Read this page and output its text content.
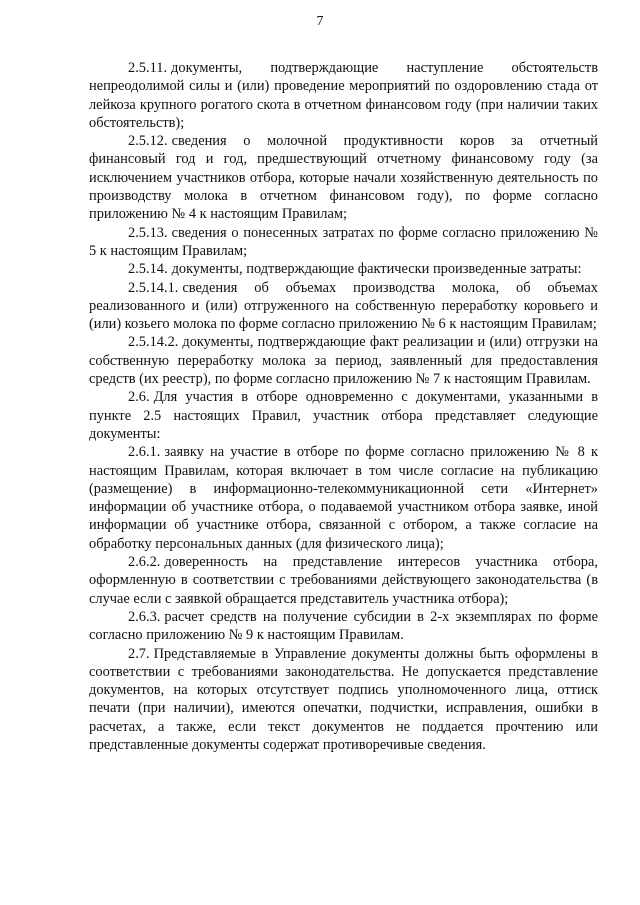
7

2.5.11. документы, подтверждающие наступление обстоятельств непреодолимой силы и (или) проведение мероприятий по оздоровлению стада от лейкоза крупного рогатого скота в отчетном финансовом году (при наличии таких обстоятельств);

2.5.12. сведения о молочной продуктивности коров за отчетный финансовый год и год, предшествующий отчетному финансовому году (за исключением участников отбора, которые начали хозяйственную деятельность по производству молока в отчетном финансовом году), по форме согласно приложению № 4 к настоящим Правилам;

2.5.13. сведения о понесенных затратах по форме согласно приложению № 5 к настоящим Правилам;

2.5.14. документы, подтверждающие фактически произведенные затраты:

2.5.14.1. сведения об объемах производства молока, об объемах реализованного и (или) отгруженного на собственную переработку коровьего и (или) козьего молока по форме согласно приложению № 6 к настоящим Правилам;

2.5.14.2. документы, подтверждающие факт реализации и (или) отгрузки на собственную переработку молока за период, заявленный для предоставления средств (их реестр), по форме согласно приложению № 7 к настоящим Правилам.

2.6. Для участия в отборе одновременно с документами, указанными в пункте 2.5 настоящих Правил, участник отбора представляет следующие документы:

2.6.1. заявку на участие в отборе по форме согласно приложению № 8 к настоящим Правилам, которая включает в том числе согласие на публикацию (размещение) в информационно-телекоммуникационной сети «Интернет» информации об участнике отбора, о подаваемой участником отбора заявке, иной информации об участнике отбора, связанной с отбором, а также согласие на обработку персональных данных (для физического лица);

2.6.2. доверенность на представление интересов участника отбора, оформленную в соответствии с требованиями действующего законодательства (в случае если с заявкой обращается представитель участника отбора);

2.6.3. расчет средств на получение субсидии в 2-х экземплярах по форме согласно приложению № 9 к настоящим Правилам.

2.7. Представляемые в Управление документы должны быть оформлены в соответствии с требованиями законодательства. Не допускается представление документов, на которых отсутствует подпись уполномоченного лица, оттиск печати (при наличии), имеются опечатки, подчистки, исправления, ошибки в расчетах, а также, если текст документов не поддается прочтению или представленные документы содержат противоречивые сведения.
